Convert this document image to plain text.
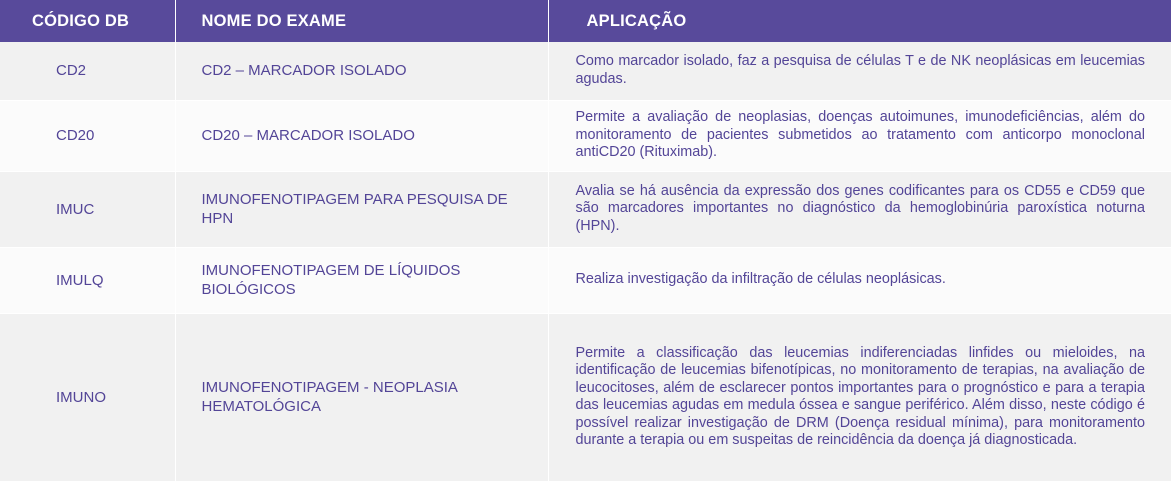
CÓDIGO DB	NOME DO EXAME	APLICAÇÃO
CD2	CD2 – MARCADOR ISOLADO	Como marcador isolado, faz a pesquisa de células T e de NK neoplásicas em leucemias agudas.
CD20	CD20 – MARCADOR ISOLADO	Permite a avaliação de neoplasias, doenças autoimunes, imunodeficiências, além do monitoramento de pacientes submetidos ao tratamento com anticorpo monoclonal antiCD20 (Rituximab).
IMUC	IMUNOFENOTIPAGEM PARA PESQUISA DE HPN	Avalia se há ausência da expressão dos genes codificantes para os CD55 e CD59 que são marcadores importantes no diagnóstico da hemoglobinúria paroxística noturna (HPN).
IMULQ	IMUNOFENOTIPAGEM DE LÍQUIDOS BIOLÓGICOS	Realiza investigação da infiltração de células neoplásicas.
IMUNO	IMUNOFENOTIPAGEM - NEOPLASIA HEMATOLÓGICA	Permite a classificação das leucemias indiferenciadas linfides ou mieloides, na identificação de leucemias bifenotípicas, no monitoramento de terapias, na avaliação de leucocitoses, além de esclarecer pontos importantes para o prognóstico e para a terapia das leucemias agudas em medula óssea e sangue periférico. Além disso, neste código é possível realizar investigação de DRM (Doença residual mínima), para monitoramento durante a terapia ou em suspeitas de reincidência da doença já diagnosticada.
